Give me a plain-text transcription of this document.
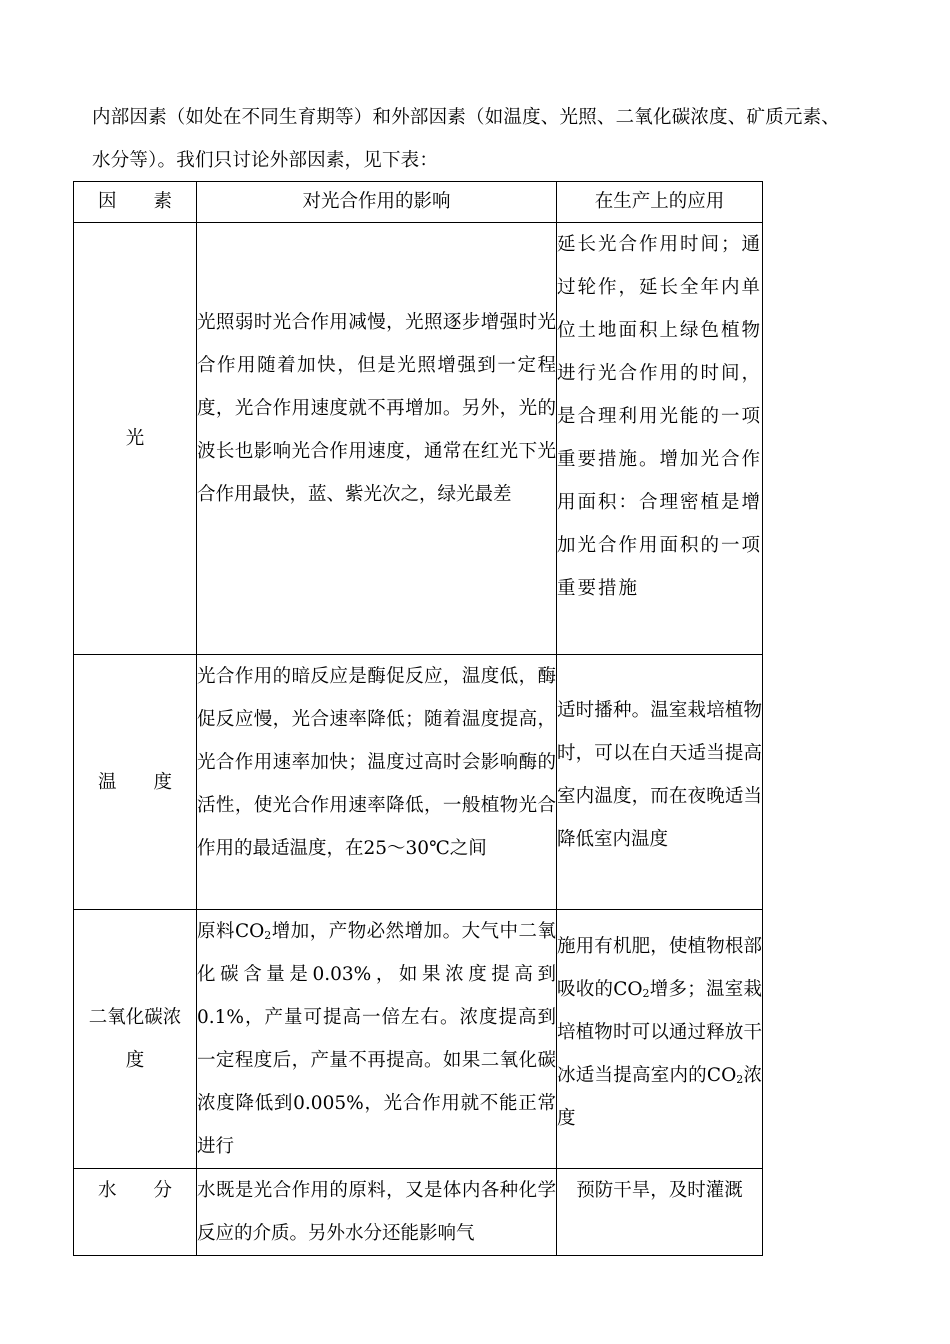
内部因素（如处在不同生育期等）和外部因素（如温度、光照、二氧化碳浓度、矿质元素、

水分等）。我们只讨论外部因素，见下表：

因　　素	对光合作用的影响	在生产上的应用
光	光照弱时光合作用减慢，光照逐步增强时光合作用随着加快，但是光照增强到一定程度，光合作用速度就不再增加。另外，光的波长也影响光合作用速度，通常在红光下光合作用最快，蓝、紫光次之，绿光最差	延长光合作用时间；通过轮作，延长全年内单位土地面积上绿色植物进行光合作用的时间，是合理利用光能的一项重要措施。增加光合作用面积：合理密植是增加光合作用面积的一项重要措施
温　　度	光合作用的暗反应是酶促反应，温度低，酶促反应慢，光合速率降低；随着温度提高，光合作用速率加快；温度过高时会影响酶的活性，使光合作用速率降低，一般植物光合作用的最适温度，在25～30℃之间	适时播种。温室栽培植物时，可以在白天适当提高室内温度，而在夜晚适当降低室内温度
二氧化碳浓度	原料$CO_2$增加，产物必然增加。大气中二氧化碳含量是0.03%，如果浓度提高到0.1%，产量可提高一倍左右。浓度提高到一定程度后，产量不再提高。如果二氧化碳浓度降低到0.005%，光合作用就不能正常进行	施用有机肥，使植物根部吸收的$CO_2$增多；温室栽培植物时可以通过释放干冰适当提高室内的$CO_2$浓度
水　　分	水既是光合作用的原料，又是体内各种化学反应的介质。另外水分还能影响气	预防干旱，及时灌溉
